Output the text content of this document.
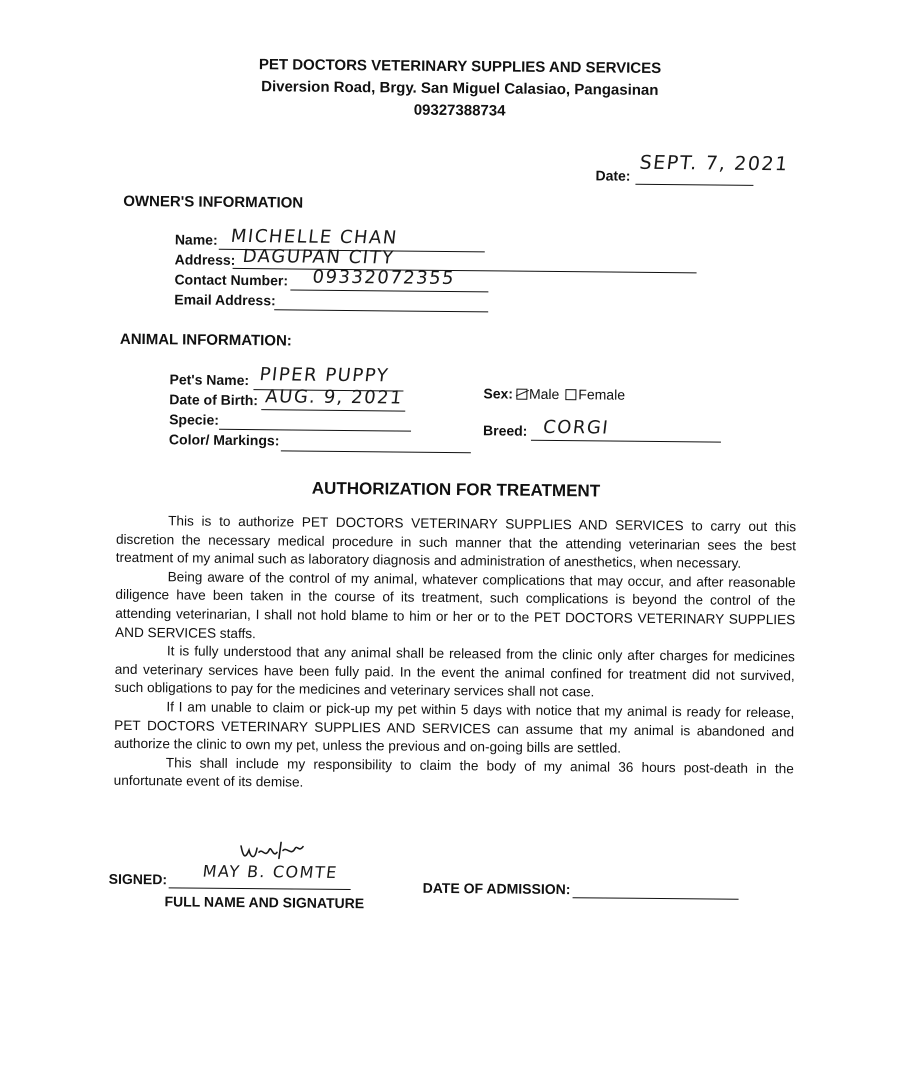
PET DOCTORS VETERINARY SUPPLIES AND SERVICES
Diversion Road, Brgy. San Miguel Calasiao, Pangasinan
09327388734
Date:
SEPT. 7, 2021
OWNER'S INFORMATION
Name: MICHELLE CHAN
Address: DAGUPAN CITY
Contact Number: 09332072355
Email Address:
ANIMAL INFORMATION:
Pet's Name: PIPER PUPPY
Date of Birth: AUG. 9, 2021
Specie:
Color/ Markings:
Sex: Male Female
Breed: CORGI
AUTHORIZATION FOR TREATMENT

This is to authorize PET DOCTORS VETERINARY SUPPLIES AND SERVICES to carry out this discretion the necessary medical procedure in such manner that the attending veterinarian sees the best treatment of my animal such as laboratory diagnosis and administration of anesthetics, when necessary.

Being aware of the control of my animal, whatever complications that may occur, and after reasonable diligence have been taken in the course of its treatment, such complications is beyond the control of the attending veterinarian, I shall not hold blame to him or her or to the PET DOCTORS VETERINARY SUPPLIES AND SERVICES staffs.

It is fully understood that any animal shall be released from the clinic only after charges for medicines and veterinary services have been fully paid. In the event the animal confined for treatment did not survived, such obligations to pay for the medicines and veterinary services shall not case.

If I am unable to claim or pick-up my pet within 5 days with notice that my animal is ready for release, PET DOCTORS VETERINARY SUPPLIES AND SERVICES can assume that my animal is abandoned and authorize the clinic to own my pet, unless the previous and on-going bills are settled.

This shall include my responsibility to claim the body of my animal 36 hours post-death in the unfortunate event of its demise.

SIGNED: MAY B. COMTE
FULL NAME AND SIGNATURE
DATE OF ADMISSION:
